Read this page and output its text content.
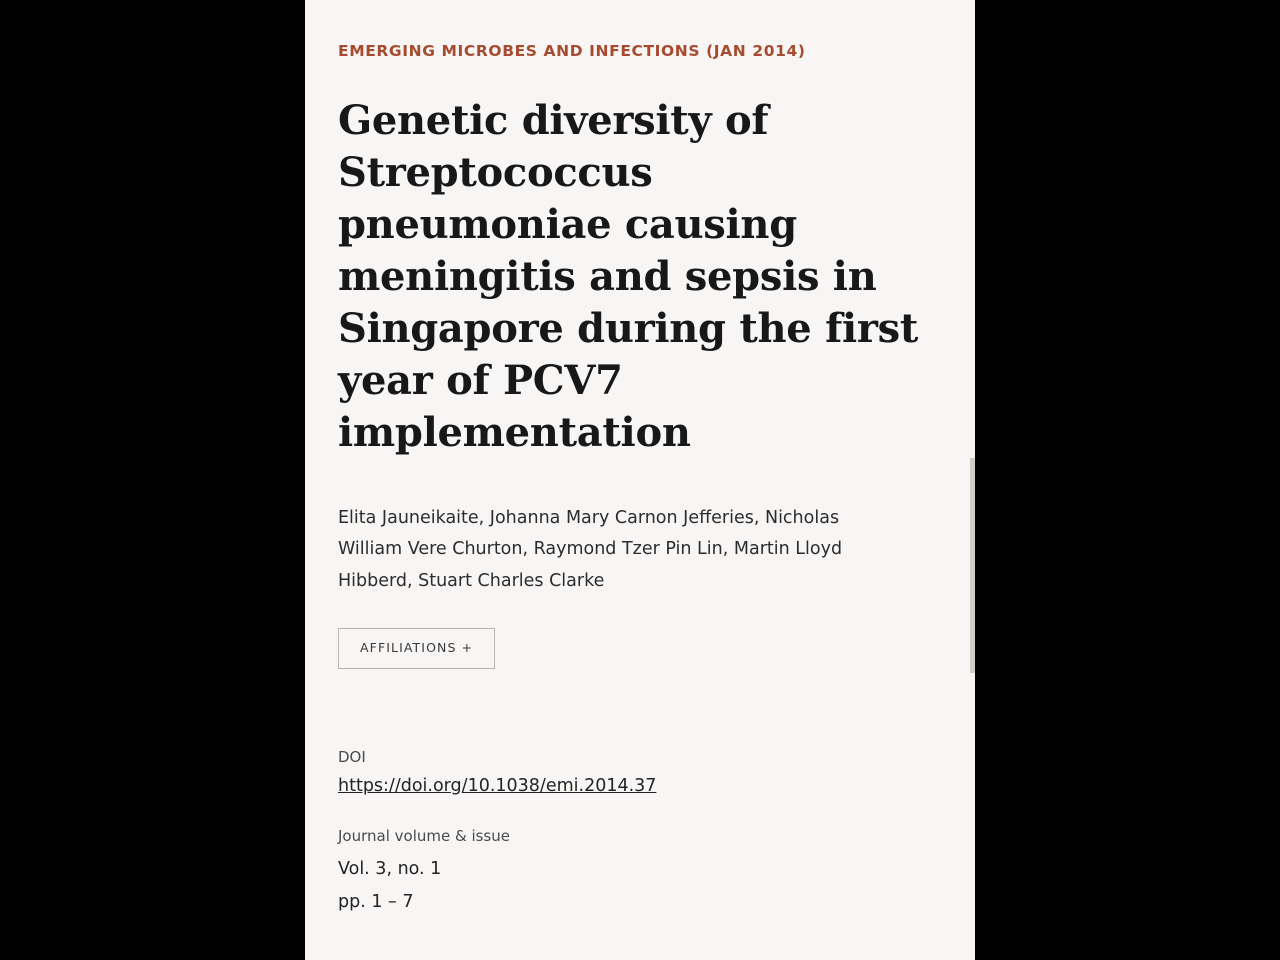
EMERGING MICROBES AND INFECTIONS (JAN 2014)
Genetic diversity of Streptococcus pneumoniae causing meningitis and sepsis in Singapore during the first year of PCV7 implementation
Elita Jauneikaite, Johanna Mary Carnon Jefferies, Nicholas William Vere Churton, Raymond Tzer Pin Lin, Martin Lloyd Hibberd, Stuart Charles Clarke
AFFILIATIONS +
DOI
https://doi.org/10.1038/emi.2014.37
Journal volume & issue
Vol. 3, no. 1
pp. 1 – 7
